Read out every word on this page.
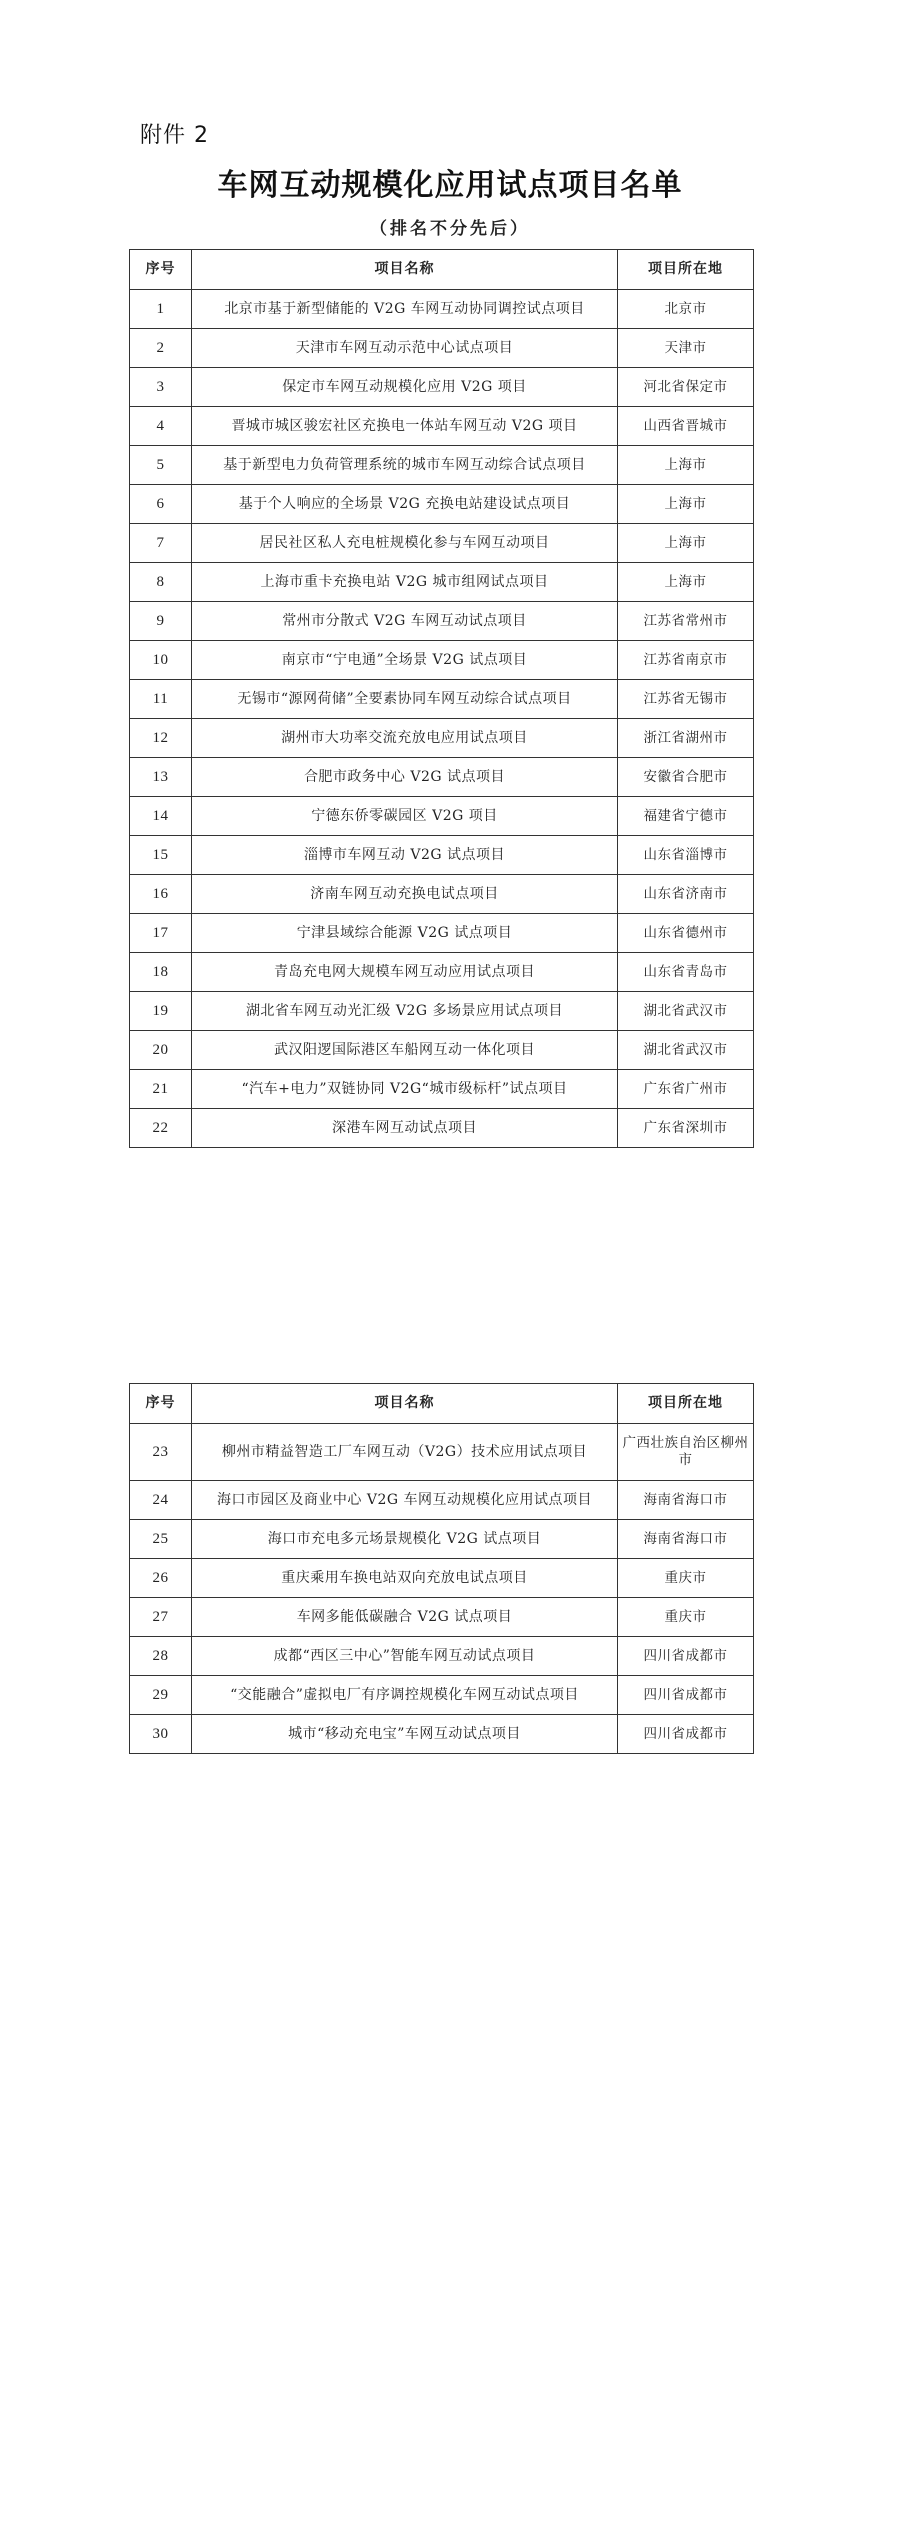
附件 2
车网互动规模化应用试点项目名单
（排名不分先后）
序号	项目名称	项目所在地
1	北京市基于新型储能的 V2G 车网互动协同调控试点项目	北京市
2	天津市车网互动示范中心试点项目	天津市
3	保定市车网互动规模化应用 V2G 项目	河北省保定市
4	晋城市城区骏宏社区充换电一体站车网互动 V2G 项目	山西省晋城市
5	基于新型电力负荷管理系统的城市车网互动综合试点项目	上海市
6	基于个人响应的全场景 V2G 充换电站建设试点项目	上海市
7	居民社区私人充电桩规模化参与车网互动项目	上海市
8	上海市重卡充换电站 V2G 城市组网试点项目	上海市
9	常州市分散式 V2G 车网互动试点项目	江苏省常州市
10	南京市“宁电通”全场景 V2G 试点项目	江苏省南京市
11	无锡市“源网荷储”全要素协同车网互动综合试点项目	江苏省无锡市
12	湖州市大功率交流充放电应用试点项目	浙江省湖州市
13	合肥市政务中心 V2G 试点项目	安徽省合肥市
14	宁德东侨零碳园区 V2G 项目	福建省宁德市
15	淄博市车网互动 V2G 试点项目	山东省淄博市
16	济南车网互动充换电试点项目	山东省济南市
17	宁津县域综合能源 V2G 试点项目	山东省德州市
18	青岛充电网大规模车网互动应用试点项目	山东省青岛市
19	湖北省车网互动光汇级 V2G 多场景应用试点项目	湖北省武汉市
20	武汉阳逻国际港区车船网互动一体化项目	湖北省武汉市
21	“汽车+电力”双链协同 V2G“城市级标杆”试点项目	广东省广州市
22	深港车网互动试点项目	广东省深圳市
序号	项目名称	项目所在地
23	柳州市精益智造工厂车网互动（V2G）技术应用试点项目	广西壮族自治区柳州市
24	海口市园区及商业中心 V2G 车网互动规模化应用试点项目	海南省海口市
25	海口市充电多元场景规模化 V2G 试点项目	海南省海口市
26	重庆乘用车换电站双向充放电试点项目	重庆市
27	车网多能低碳融合 V2G 试点项目	重庆市
28	成都“西区三中心”智能车网互动试点项目	四川省成都市
29	“交能融合”虚拟电厂有序调控规模化车网互动试点项目	四川省成都市
30	城市“移动充电宝”车网互动试点项目	四川省成都市
